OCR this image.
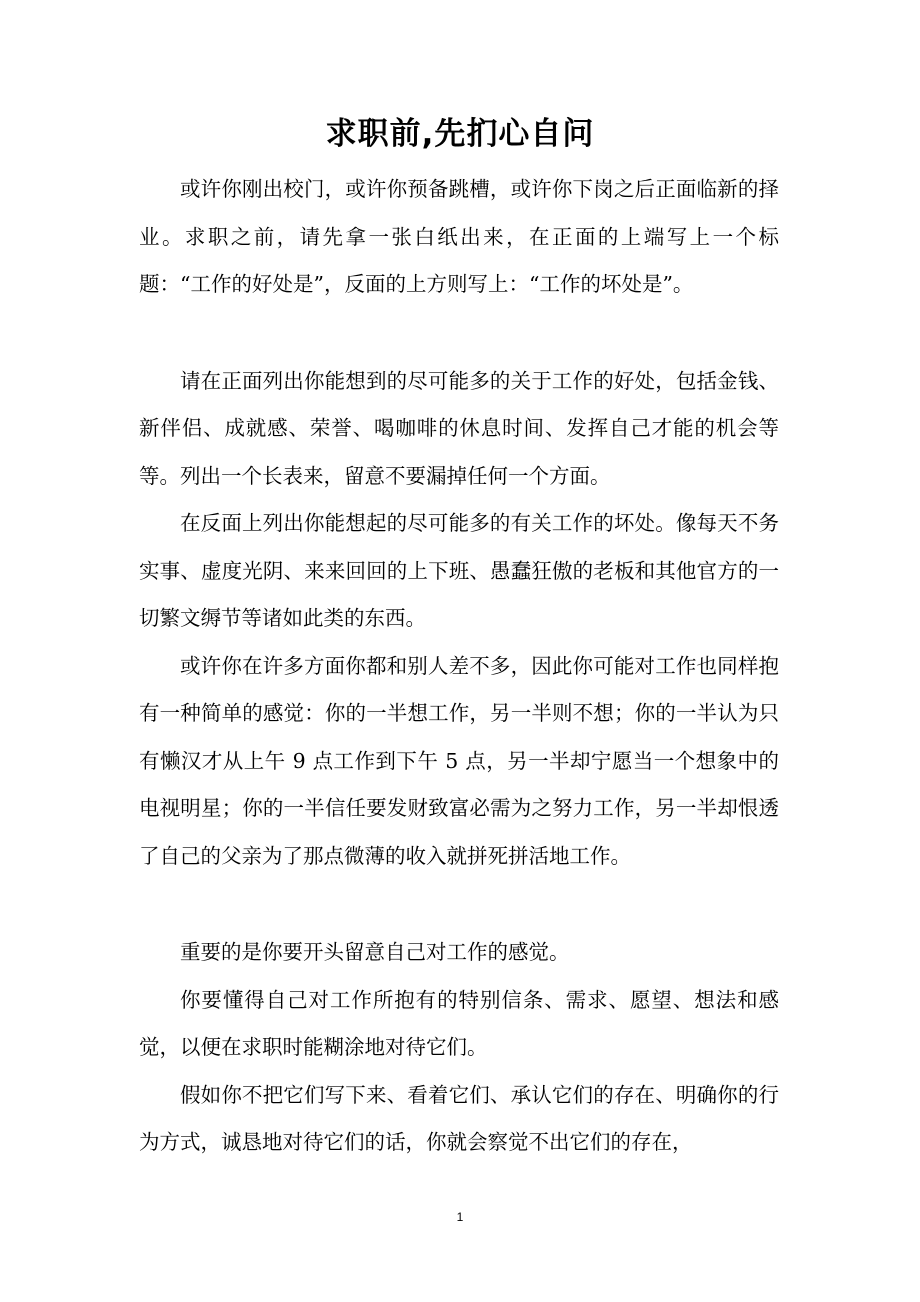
求职前,先扪心自问

或许你刚出校门，或许你预备跳槽，或许你下岗之后正面临新的择业。求职之前，请先拿一张白纸出来，在正面的上端写上一个标题：“工作的好处是”，反面的上方则写上：“工作的坏处是”。

请在正面列出你能想到的尽可能多的关于工作的好处，包括金钱、新伴侣、成就感、荣誉、喝咖啡的休息时间、发挥自己才能的机会等等。列出一个长表来，留意不要漏掉任何一个方面。

在反面上列出你能想起的尽可能多的有关工作的坏处。像每天不务实事、虚度光阴、来来回回的上下班、愚蠢狂傲的老板和其他官方的一切繁文缛节等诸如此类的东西。

或许你在许多方面你都和别人差不多，因此你可能对工作也同样抱有一种简单的感觉：你的一半想工作，另一半则不想；你的一半认为只有懒汉才从上午 9 点工作到下午 5 点，另一半却宁愿当一个想象中的电视明星；你的一半信任要发财致富必需为之努力工作，另一半却恨透了自己的父亲为了那点微薄的收入就拼死拼活地工作。

重要的是你要开头留意自己对工作的感觉。

你要懂得自己对工作所抱有的特别信条、需求、愿望、想法和感觉，以便在求职时能糊涂地对待它们。

假如你不把它们写下来、看着它们、承认它们的存在、明确你的行为方式，诚恳地对待它们的话，你就会察觉不出它们的存在，

1
